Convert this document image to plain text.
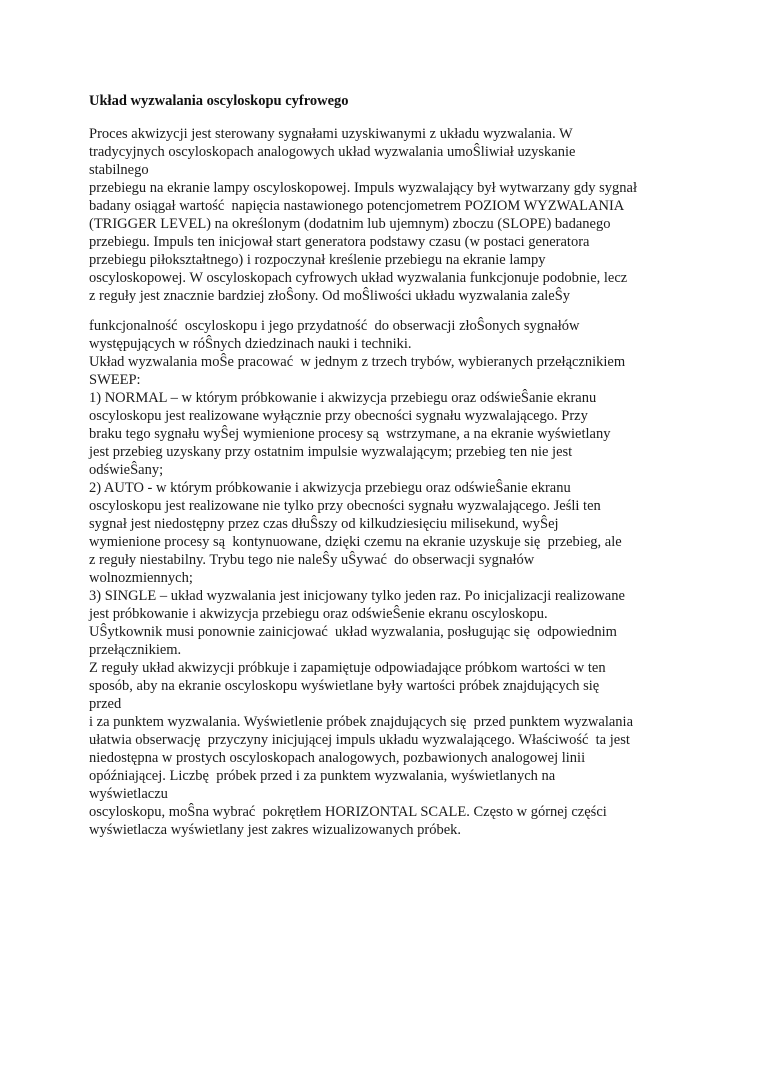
Układ wyzwalania oscyloskopu cyfrowego
Proces akwizycji jest sterowany sygnałami uzyskiwanymi z układu wyzwalania. W
tradycyjnych oscyloskopach analogowych układ wyzwalania umoŜliwiał uzyskanie
stabilnego
przebiegu na ekranie lampy oscyloskopowej. Impuls wyzwalający był wytwarzany gdy sygnał
badany osiągał wartość  napięcia nastawionego potencjometrem POZIOM WYZWALANIA
(TRIGGER LEVEL) na określonym (dodatnim lub ujemnym) zboczu (SLOPE) badanego
przebiegu. Impuls ten inicjował start generatora podstawy czasu (w postaci generatora
przebiegu piłokształtnego) i rozpoczynał kreślenie przebiegu na ekranie lampy
oscyloskopowej. W oscyloskopach cyfrowych układ wyzwalania funkcjonuje podobnie, lecz
z reguły jest znacznie bardziej złoŜony. Od moŜliwości układu wyzwalania zaleŜy
funkcjonalność  oscyloskopu i jego przydatność  do obserwacji złoŜonych sygnałów
występujących w róŜnych dziedzinach nauki i techniki.
Układ wyzwalania moŜe pracować  w jednym z trzech trybów, wybieranych przełącznikiem
SWEEP:
1) NORMAL – w którym próbkowanie i akwizycja przebiegu oraz odświeŜanie ekranu
oscyloskopu jest realizowane wyłącznie przy obecności sygnału wyzwalającego. Przy
braku tego sygnału wyŜej wymienione procesy są  wstrzymane, a na ekranie wyświetlany
jest przebieg uzyskany przy ostatnim impulsie wyzwalającym; przebieg ten nie jest
odświeŜany;
2) AUTO - w którym próbkowanie i akwizycja przebiegu oraz odświeŜanie ekranu
oscyloskopu jest realizowane nie tylko przy obecności sygnału wyzwalającego. Jeśli ten
sygnał jest niedostępny przez czas dłuŜszy od kilkudziesięciu milisekund, wyŜej
wymienione procesy są  kontynuowane, dzięki czemu na ekranie uzyskuje się  przebieg, ale
z reguły niestabilny. Trybu tego nie naleŜy uŜywać  do obserwacji sygnałów
wolnozmiennych;
3) SINGLE – układ wyzwalania jest inicjowany tylko jeden raz. Po inicjalizacji realizowane
jest próbkowanie i akwizycja przebiegu oraz odświeŜenie ekranu oscyloskopu.
UŜytkownik musi ponownie zainicjować  układ wyzwalania, posługując się  odpowiednim
przełącznikiem.
Z reguły układ akwizycji próbkuje i zapamiętuje odpowiadające próbkom wartości w ten
sposób, aby na ekranie oscyloskopu wyświetlane były wartości próbek znajdujących się
przed
i za punktem wyzwalania. Wyświetlenie próbek znajdujących się  przed punktem wyzwalania
ułatwia obserwację  przyczyny inicjującej impuls układu wyzwalającego. Właściwość  ta jest
niedostępna w prostych oscyloskopach analogowych, pozbawionych analogowej linii
opóźniającej. Liczbę  próbek przed i za punktem wyzwalania, wyświetlanych na
wyświetlaczu
oscyloskopu, moŜna wybrać  pokrętłem HORIZONTAL SCALE. Często w górnej części
wyświetlacza wyświetlany jest zakres wizualizowanych próbek.
